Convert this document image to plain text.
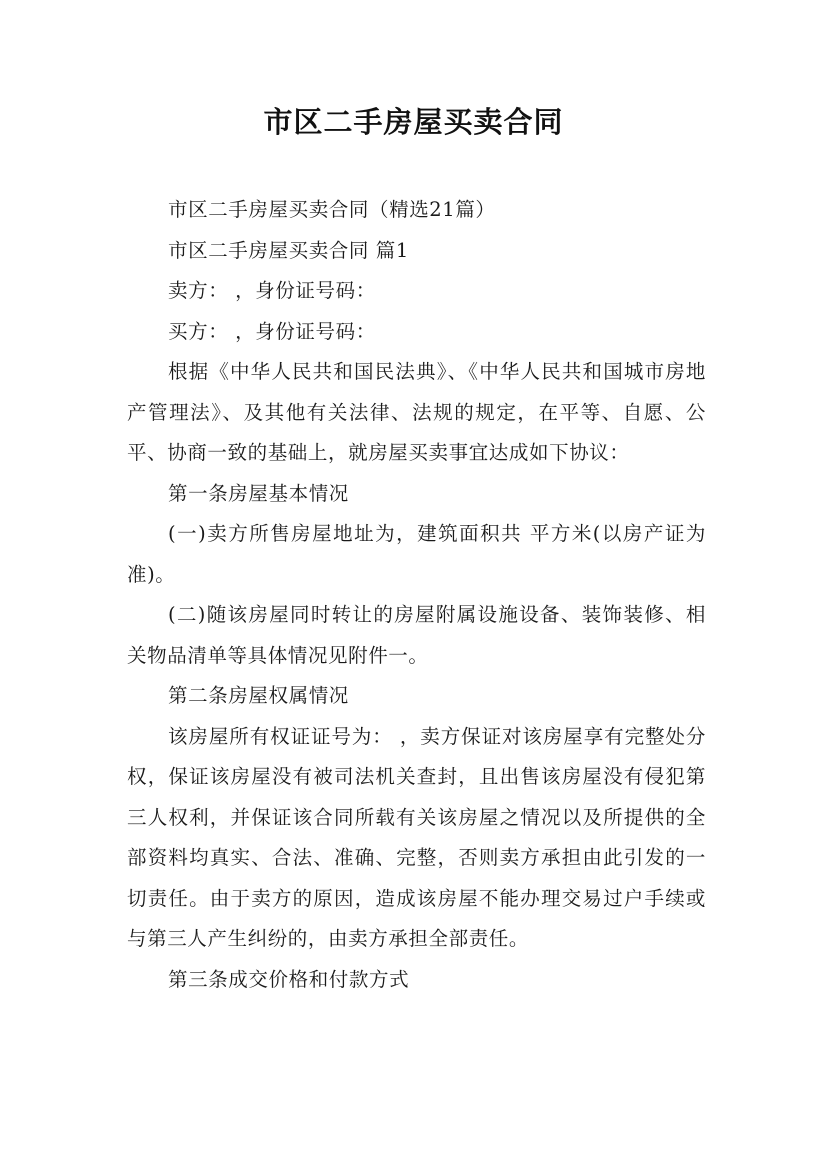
市区二手房屋买卖合同

市区二手房屋买卖合同（精选21篇）

市区二手房屋买卖合同 篇1

卖方： ，身份证号码：

买方： ，身份证号码：

根据《中华人民共和国民法典》、《中华人民共和国城市房地产管理法》、及其他有关法律、法规的规定，在平等、自愿、公平、协商一致的基础上，就房屋买卖事宜达成如下协议：

第一条房屋基本情况

(一)卖方所售房屋地址为，建筑面积共 平方米(以房产证为准)。

(二)随该房屋同时转让的房屋附属设施设备、装饰装修、相关物品清单等具体情况见附件一。

第二条房屋权属情况

该房屋所有权证证号为： ，卖方保证对该房屋享有完整处分权，保证该房屋没有被司法机关查封，且出售该房屋没有侵犯第三人权利，并保证该合同所载有关该房屋之情况以及所提供的全部资料均真实、合法、准确、完整，否则卖方承担由此引发的一切责任。由于卖方的原因，造成该房屋不能办理交易过户手续或与第三人产生纠纷的，由卖方承担全部责任。

第三条成交价格和付款方式
